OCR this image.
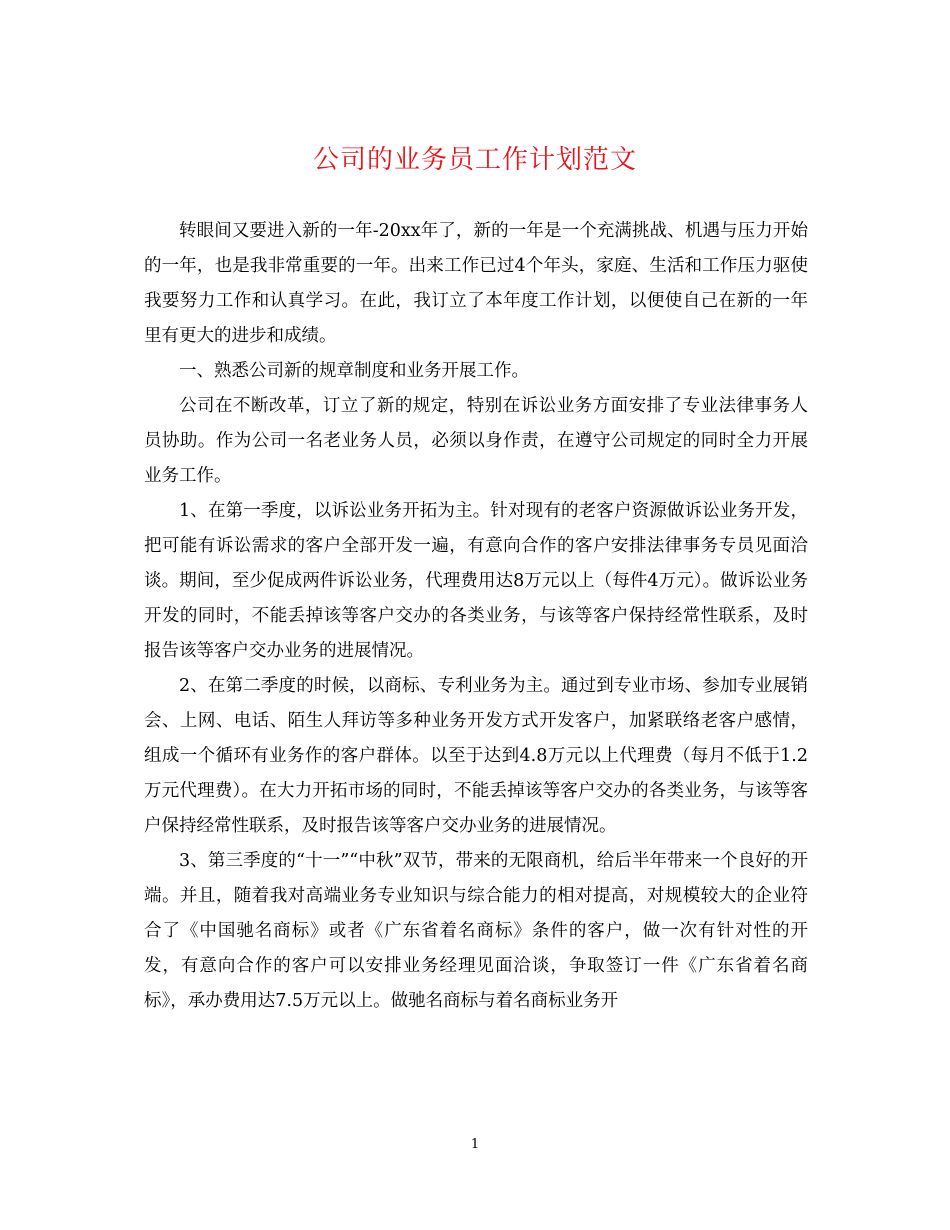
公司的业务员工作计划范文

转眼间又要进入新的一年-20xx年了，新的一年是一个充满挑战、机遇与压力开始的一年，也是我非常重要的一年。出来工作已过4个年头，家庭、生活和工作压力驱使我要努力工作和认真学习。在此，我订立了本年度工作计划，以便使自己在新的一年里有更大的进步和成绩。

一、熟悉公司新的规章制度和业务开展工作。

公司在不断改革，订立了新的规定，特别在诉讼业务方面安排了专业法律事务人员协助。作为公司一名老业务人员，必须以身作责，在遵守公司规定的同时全力开展业务工作。

1、在第一季度，以诉讼业务开拓为主。针对现有的老客户资源做诉讼业务开发，把可能有诉讼需求的客户全部开发一遍，有意向合作的客户安排法律事务专员见面洽谈。期间，至少促成两件诉讼业务，代理费用达8万元以上（每件4万元）。做诉讼业务开发的同时，不能丢掉该等客户交办的各类业务，与该等客户保持经常性联系，及时报告该等客户交办业务的进展情况。

2、在第二季度的时候，以商标、专利业务为主。通过到专业市场、参加专业展销会、上网、电话、陌生人拜访等多种业务开发方式开发客户，加紧联络老客户感情，组成一个循环有业务作的客户群体。以至于达到4.8万元以上代理费（每月不低于1.2万元代理费）。在大力开拓市场的同时，不能丢掉该等客户交办的各类业务，与该等客户保持经常性联系，及时报告该等客户交办业务的进展情况。

3、第三季度的“十一”“中秋”双节，带来的无限商机，给后半年带来一个良好的开端。并且，随着我对高端业务专业知识与综合能力的相对提高，对规模较大的企业符合了《中国驰名商标》或者《广东省着名商标》条件的客户，做一次有针对性的开发，有意向合作的客户可以安排业务经理见面洽谈，争取签订一件《广东省着名商标》，承办费用达7.5万元以上。做驰名商标与着名商标业务开

1
